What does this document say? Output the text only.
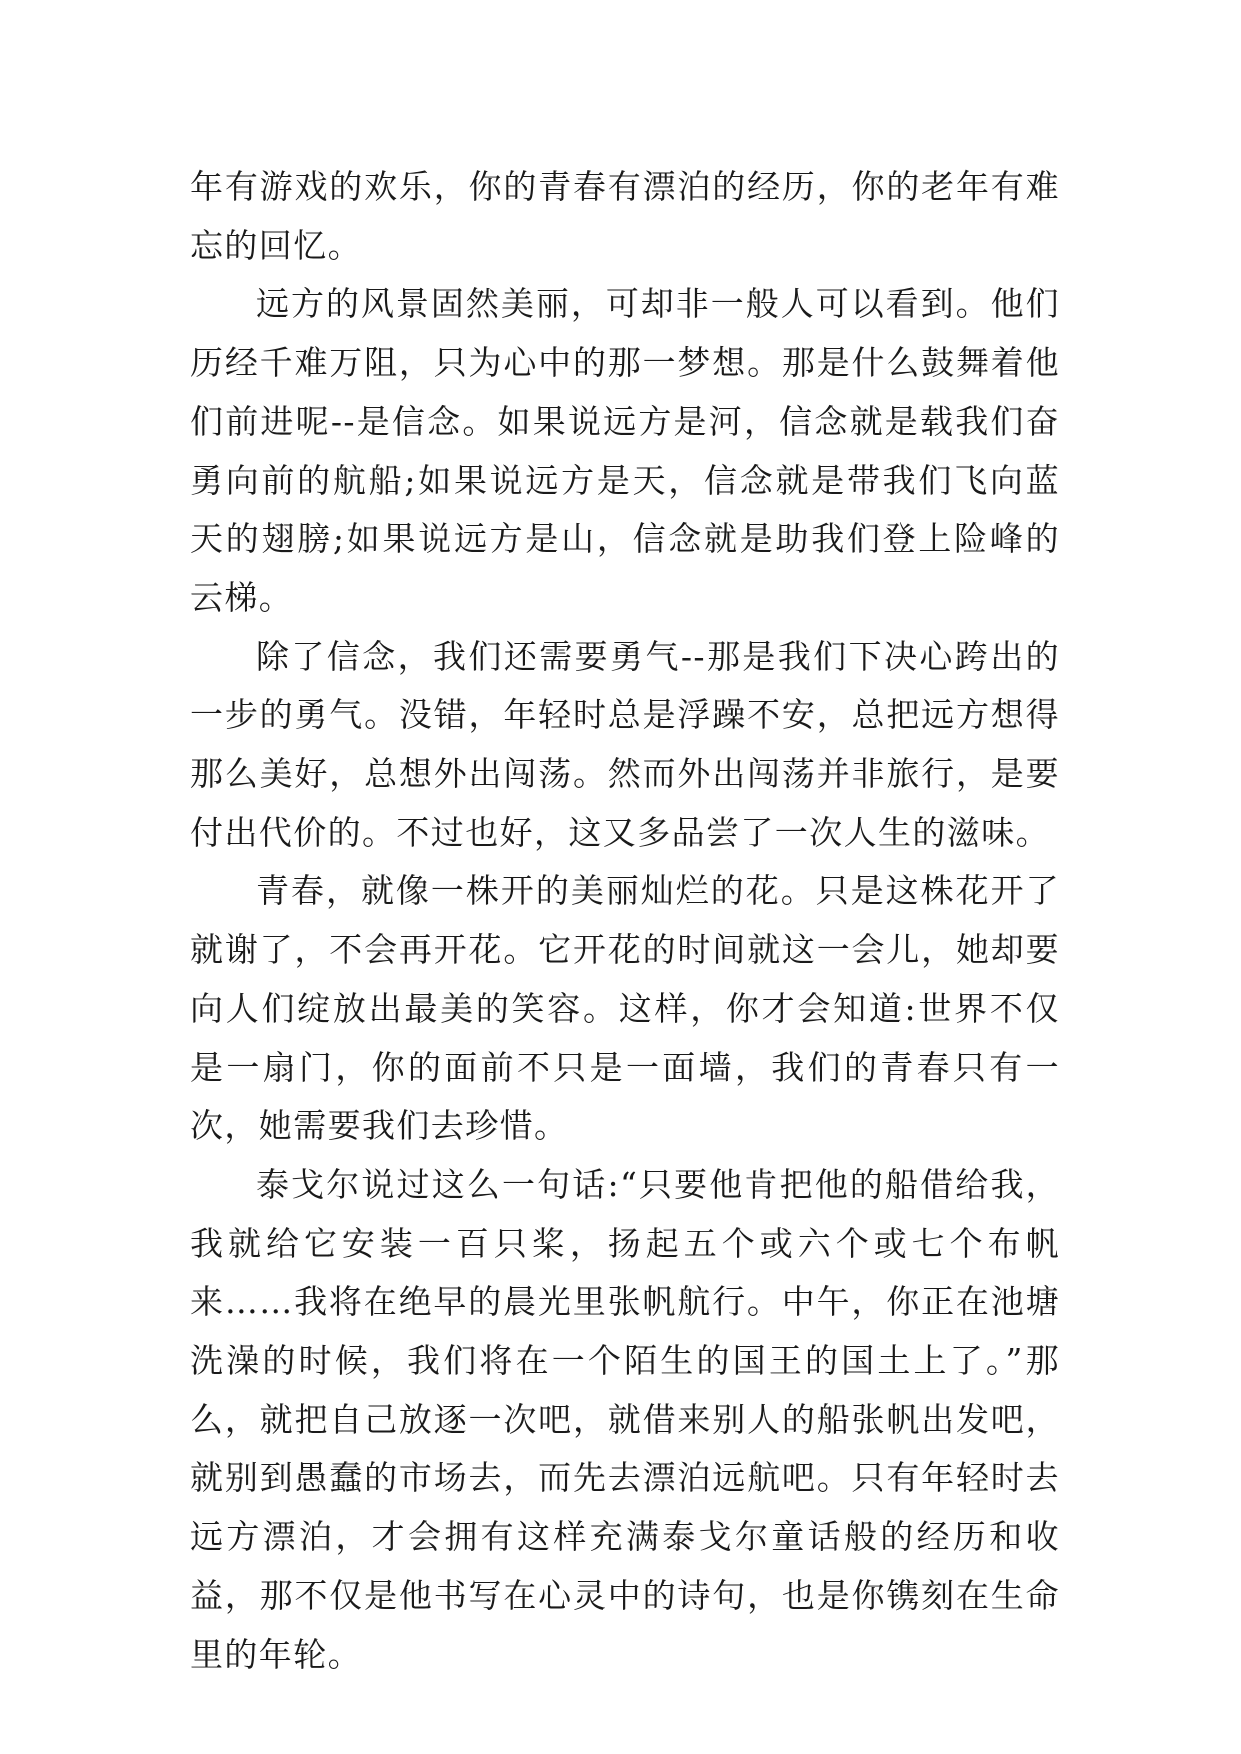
年有游戏的欢乐，你的青春有漂泊的经历，你的老年有难忘的回忆。

远方的风景固然美丽，可却非一般人可以看到。他们历经千难万阻，只为心中的那一梦想。那是什么鼓舞着他们前进呢--是信念。如果说远方是河，信念就是载我们奋勇向前的航船;如果说远方是天，信念就是带我们飞向蓝天的翅膀;如果说远方是山，信念就是助我们登上险峰的云梯。

除了信念，我们还需要勇气--那是我们下决心跨出的一步的勇气。没错，年轻时总是浮躁不安，总把远方想得那么美好，总想外出闯荡。然而外出闯荡并非旅行，是要付出代价的。不过也好，这又多品尝了一次人生的滋味。

青春，就像一株开的美丽灿烂的花。只是这株花开了就谢了，不会再开花。它开花的时间就这一会儿，她却要向人们绽放出最美的笑容。这样，你才会知道:世界不仅是一扇门，你的面前不只是一面墙，我们的青春只有一次，她需要我们去珍惜。

泰戈尔说过这么一句话:“只要他肯把他的船借给我，我就给它安装一百只桨，扬起五个或六个或七个布帆来……我将在绝早的晨光里张帆航行。中午，你正在池塘洗澡的时候，我们将在一个陌生的国王的国土上了。”那么，就把自己放逐一次吧，就借来别人的船张帆出发吧，就别到愚蠢的市场去，而先去漂泊远航吧。只有年轻时去远方漂泊，才会拥有这样充满泰戈尔童话般的经历和收益，那不仅是他书写在心灵中的诗句，也是你镌刻在生命里的年轮。
